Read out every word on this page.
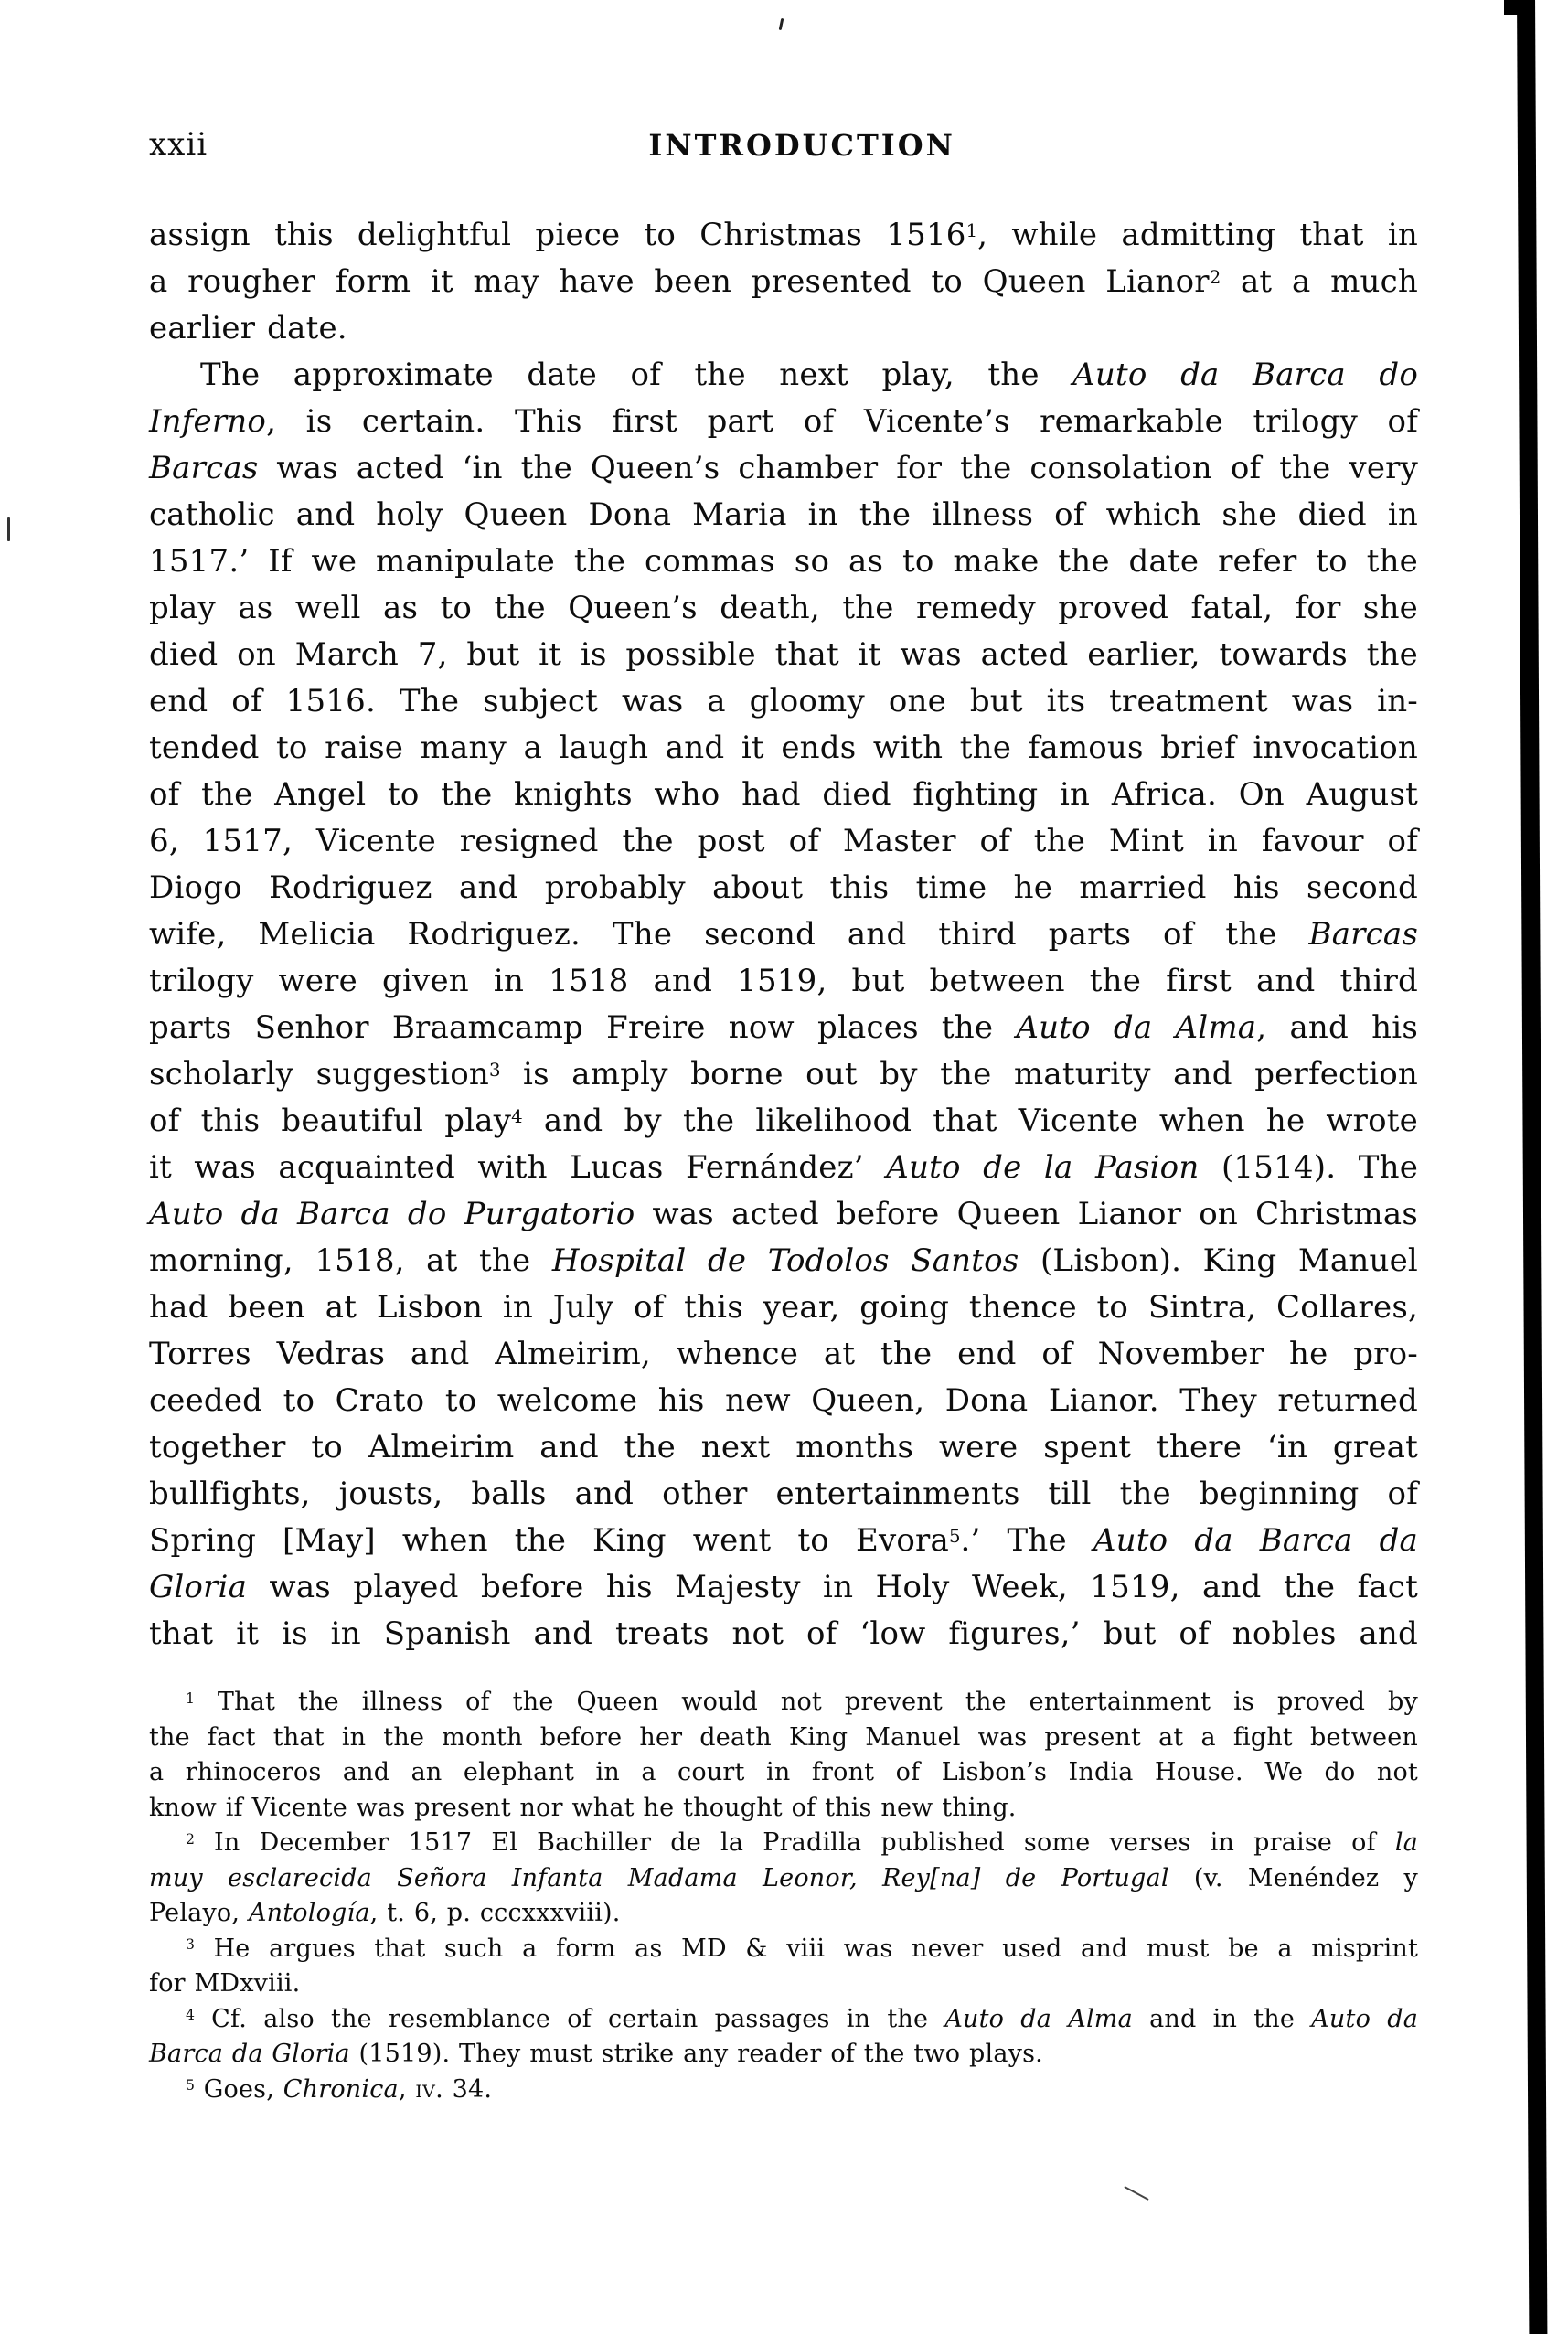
xxii	INTRODUCTION
assign this delightful piece to Christmas 1516$^1$, while admitting that in
a rougher form it may have been presented to Queen Lianor$^2$ at a much
earlier date.
The approximate date of the next play, the Auto da Barca do
Inferno, is certain. This first part of Vicente’s remarkable trilogy of
Barcas was acted ‘in the Queen’s chamber for the consolation of the very
catholic and holy Queen Dona Maria in the illness of which she died in
1517.’ If we manipulate the commas so as to make the date refer to the
play as well as to the Queen’s death, the remedy proved fatal, for she
died on March 7, but it is possible that it was acted earlier, towards the
end of 1516. The subject was a gloomy one but its treatment was in-
tended to raise many a laugh and it ends with the famous brief invocation
of the Angel to the knights who had died fighting in Africa. On August
6, 1517, Vicente resigned the post of Master of the Mint in favour of
Diogo Rodriguez and probably about this time he married his second
wife, Melicia Rodriguez. The second and third parts of the Barcas
trilogy were given in 1518 and 1519, but between the first and third
parts Senhor Braamcamp Freire now places the Auto da Alma, and his
scholarly suggestion$^3$ is amply borne out by the maturity and perfection
of this beautiful play$^4$ and by the likelihood that Vicente when he wrote
it was acquainted with Lucas Fernández’ Auto de la Pasion (1514). The
Auto da Barca do Purgatorio was acted before Queen Lianor on Christmas
morning, 1518, at the Hospital de Todolos Santos (Lisbon). King Manuel
had been at Lisbon in July of this year, going thence to Sintra, Collares,
Torres Vedras and Almeirim, whence at the end of November he pro-
ceeded to Crato to welcome his new Queen, Dona Lianor. They returned
together to Almeirim and the next months were spent there ‘in great
bullfights, jousts, balls and other entertainments till the beginning of
Spring [May] when the King went to Evora$^5$.’ The Auto da Barca da
Gloria was played before his Majesty in Holy Week, 1519, and the fact
that it is in Spanish and treats not of ‘low figures,’ but of nobles and
$^1$ That the illness of the Queen would not prevent the entertainment is proved by
the fact that in the month before her death King Manuel was present at a fight between
a rhinoceros and an elephant in a court in front of Lisbon’s India House. We do not
know if Vicente was present nor what he thought of this new thing.
$^2$ In December 1517 El Bachiller de la Pradilla published some verses in praise of la
muy esclarecida Señora Infanta Madama Leonor, Rey[na] de Portugal (v. Menéndez y
Pelayo, Antología, t. 6, p. cccxxxviii).
$^3$ He argues that such a form as MD & viii was never used and must be a misprint
for MDxviii.
$^4$ Cf. also the resemblance of certain passages in the Auto da Alma and in the Auto da
Barca da Gloria (1519). They must strike any reader of the two plays.
$^5$ Goes, Chronica, iv. 34.
